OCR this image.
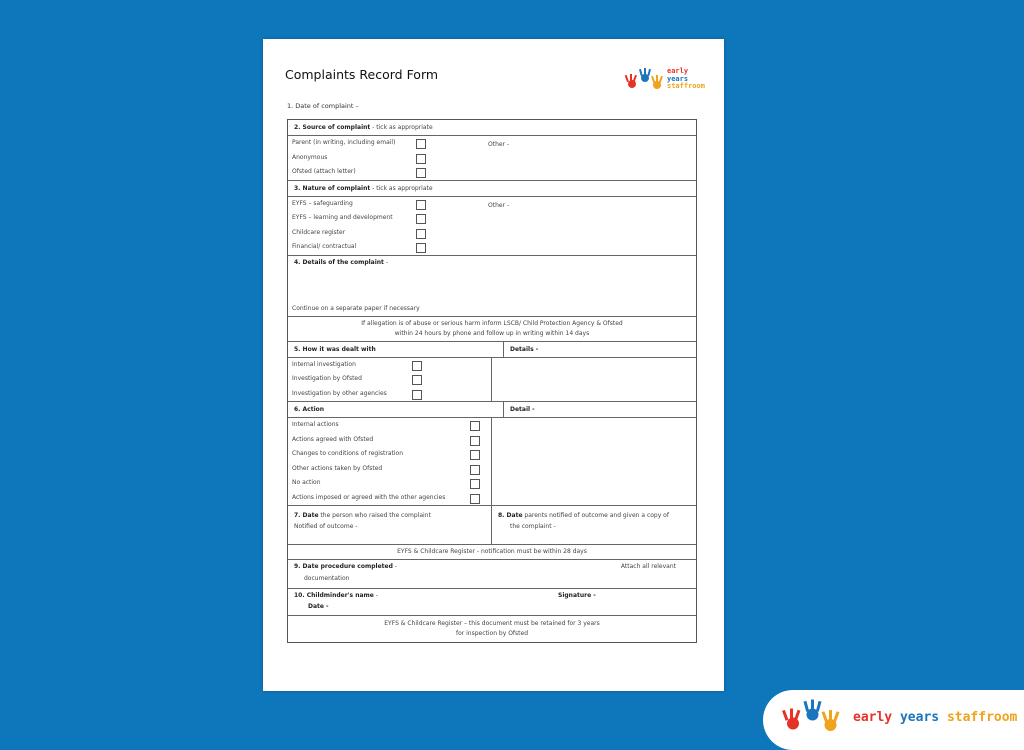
Complaints Record Form	early
years
staffroom
1. Date of complaint –
2. Source of complaint - tick as appropriate
Parent (in writing, including email)	Other -
Anonymous
Ofsted (attach letter)
3. Nature of complaint - tick as appropriate
EYFS – safeguarding	Other -
EYFS – learning and development
Childcare register
Financial/ contractual
4. Details of the complaint -
Continue on a separate paper if necessary
If allegation is of abuse or serious harm inform LSCB/ Child Protection Agency & Ofsted
within 24 hours by phone and follow up in writing within 14 days
5. How it was dealt with	Details -
Internal investigation
Investigation by Ofsted
Investigation by other agencies
6. Action	Detail -
Internal actions
Actions agreed with Ofsted
Changes to conditions of registration
Other actions taken by Ofsted
No action
Actions imposed or agreed with the other agencies
7. Date the person who raised the complaint
Notified of outcome -
8. Date parents notified of outcome and given a copy of
the complaint -
EYFS & Childcare Register - notification must be within 28 days
9. Date procedure completed -	Attach all relevant
documentation
10. Childminder's name -	Signature -
Date -
EYFS & Childcare Register – this document must be retained for 3 years
for inspection by Ofsted
early years staffroom
